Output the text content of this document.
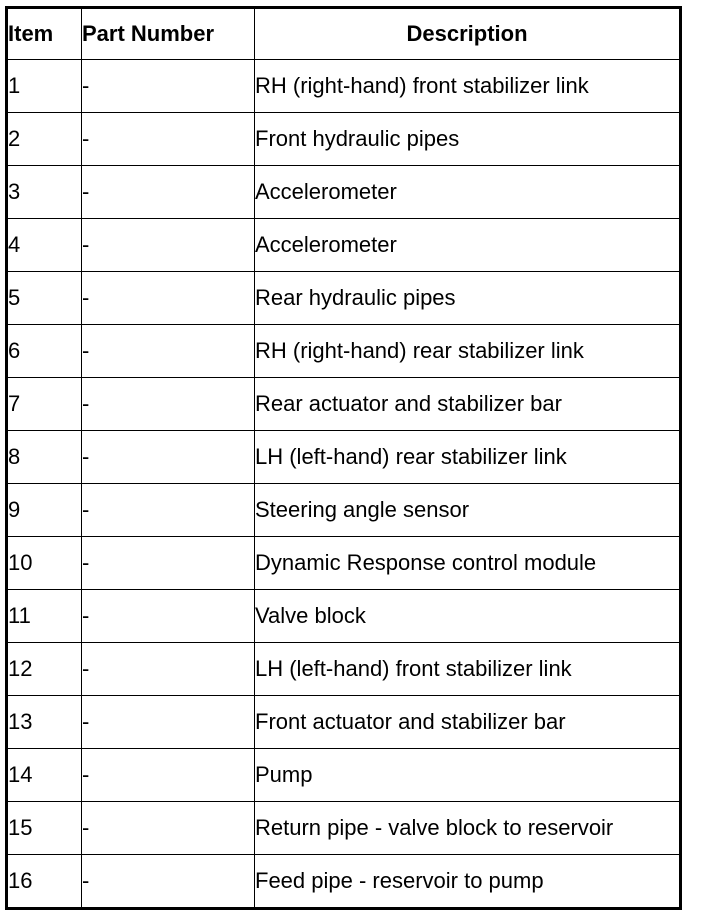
Item	Part Number	Description
1	-	RH (right-hand) front stabilizer link
2	-	Front hydraulic pipes
3	-	Accelerometer
4	-	Accelerometer
5	-	Rear hydraulic pipes
6	-	RH (right-hand) rear stabilizer link
7	-	Rear actuator and stabilizer bar
8	-	LH (left-hand) rear stabilizer link
9	-	Steering angle sensor
10	-	Dynamic Response control module
11	-	Valve block
12	-	LH (left-hand) front stabilizer link
13	-	Front actuator and stabilizer bar
14	-	Pump
15	-	Return pipe - valve block to reservoir
16	-	Feed pipe - reservoir to pump
